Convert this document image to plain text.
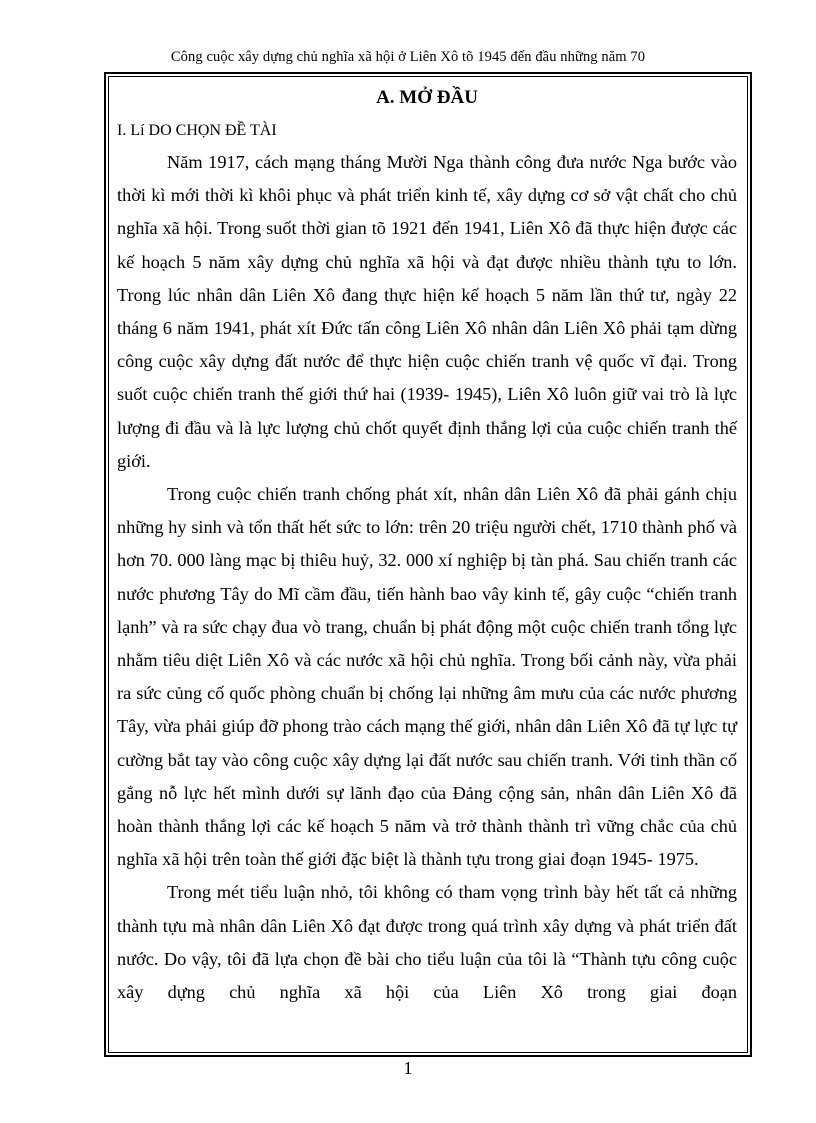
Công cuộc xây dựng chủ nghĩa xã hội ở Liên Xô tõ 1945 đến đầu những năm 70
A. MỞ ĐẦU

I. Lí DO CHỌN ĐỀ TÀI

Năm 1917, cách mạng tháng Mười Nga thành công đưa nước Nga bước vào thời kì mới thời kì khôi phục và phát triển kinh tế, xây dựng cơ sở vật chất cho chủ nghĩa xã hội. Trong suốt thời gian tõ 1921 đến 1941, Liên Xô đã thực hiện được các kế hoạch 5 năm xây dựng chủ nghĩa xã hội và đạt được nhiều thành tựu to lớn. Trong lúc nhân dân Liên Xô đang thực hiện kế hoạch 5 năm lần thứ tư, ngày 22 tháng 6 năm 1941, phát xít Đức tấn công Liên Xô nhân dân Liên Xô phải tạm dừng công cuộc xây dựng đất nước để thực hiện cuộc chiến tranh vệ quốc vĩ đại. Trong suốt cuộc chiến tranh thế giới thứ hai (1939- 1945), Liên Xô luôn giữ vai trò là lực lượng đi đầu và là lực lượng chủ chốt quyết định thắng lợi của cuộc chiến tranh thế giới.

Trong cuộc chiến tranh chống phát xít, nhân dân Liên Xô đã phải gánh chịu những hy sinh và tổn thất hết sức to lớn: trên 20 triệu người chết, 1710 thành phố và hơn 70. 000 làng mạc bị thiêu huỷ, 32. 000 xí nghiệp bị tàn phá. Sau chiến tranh các nước phương Tây do Mĩ cầm đầu, tiến hành bao vây kinh tế, gây cuộc “chiến tranh lạnh” và ra sức chạy đua vò trang, chuẩn bị phát động một cuộc chiến tranh tổng lực nhằm tiêu diệt Liên Xô và các nước xã hội chủ nghĩa. Trong bối cảnh này, vừa phải ra sức củng cố quốc phòng chuẩn bị chống lại những âm mưu của các nước phương Tây, vừa phải giúp đỡ phong trào cách mạng thế giới, nhân dân Liên Xô đã tự lực tự cường bắt tay vào công cuộc xây dựng lại đất nước sau chiến tranh. Với tinh thần cố gắng nỗ lực hết mình dưới sự lãnh đạo của Đảng cộng sản, nhân dân Liên Xô đã hoàn thành thắng lợi các kế hoạch 5 năm và trở thành thành trì vững chắc của chủ nghĩa xã hội trên toàn thế giới đặc biệt là thành tựu trong giai đoạn 1945- 1975.

Trong mét tiểu luận nhỏ, tôi không có tham vọng trình bày hết tất cả những thành tựu mà nhân dân Liên Xô đạt được trong quá trình xây dựng và phát triển đất nước. Do vậy, tôi đã lựa chọn đề bài cho tiểu luận của tôi là “Thành tựu công cuộc xây dựng chủ nghĩa xã hội của Liên Xô trong giai đoạn

1
